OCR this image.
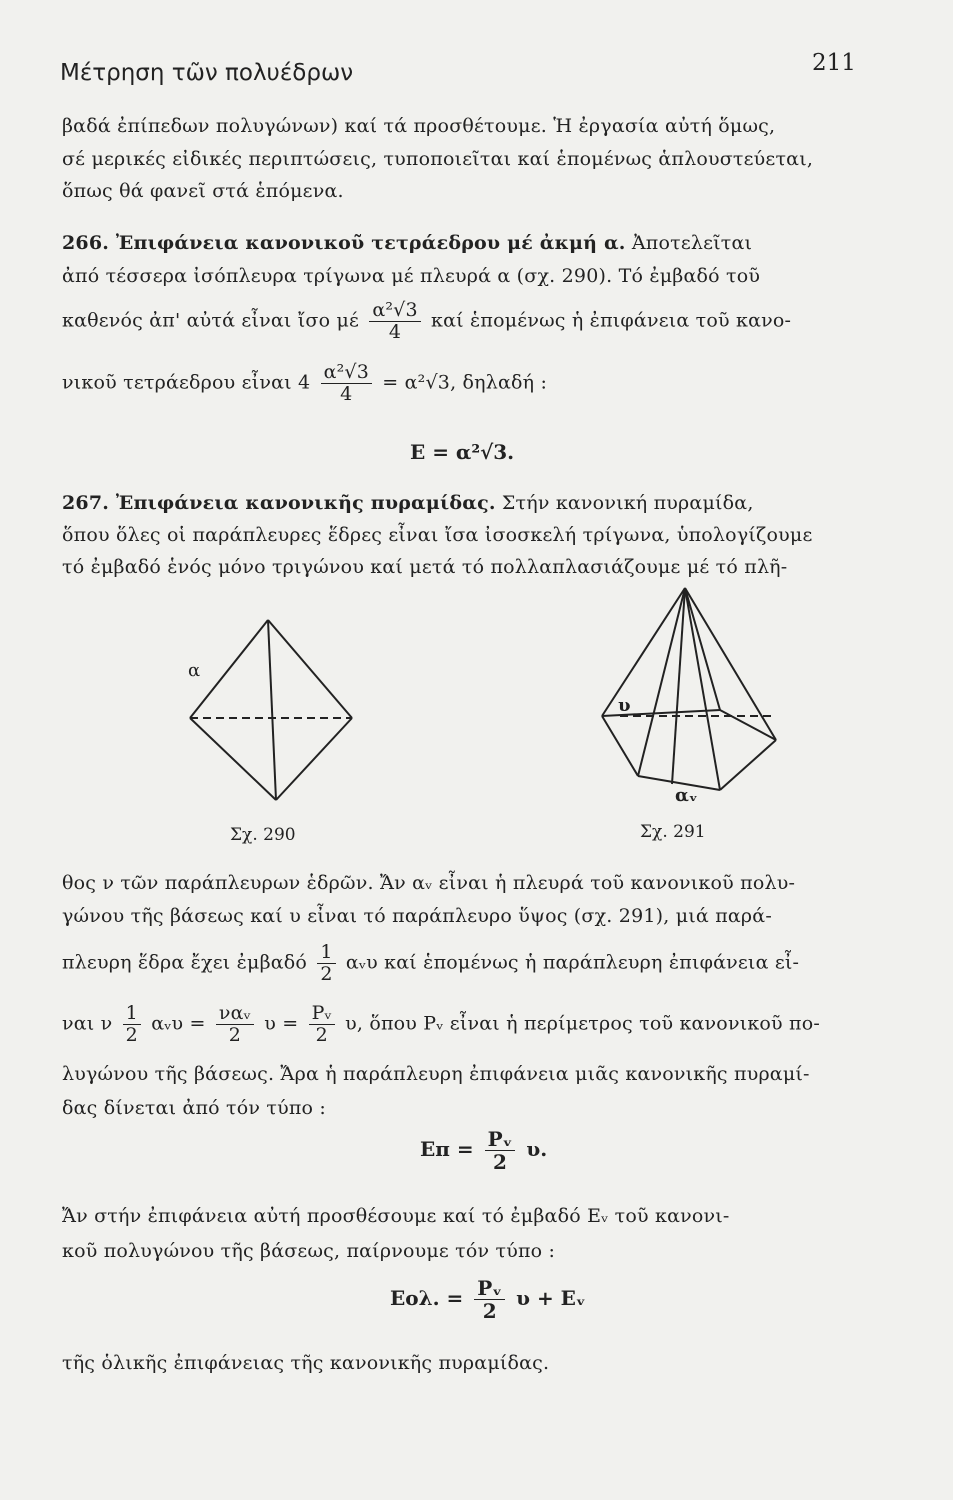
Μέτρηση τῶν πολυέδρων	211
βαδά ἐπίπεδων πολυγώνων) καί τά προσθέτουμε. Ἡ ἐργασία αὐτή ὅμως,
σέ μερικές εἰδικές περιπτώσεις, τυποποιεῖται καί ἑπομένως ἁπλουστεύεται,
ὅπως θά φανεῖ στά ἑπόμενα.
266. Ἐπιφάνεια κανονικοῦ τετράεδρου μέ ἀκμή α. Ἀποτελεῖται
ἀπό τέσσερα ἰσόπλευρα τρίγωνα μέ πλευρά α (σχ. 290). Τό ἐμβαδό τοῦ
καθενός ἀπ' αὐτά εἶναι ἴσο μέ $\frac{\text{α²√3}}{4}$ καί ἑπομένως ἡ ἐπιφάνεια τοῦ κανο-
νικοῦ τετράεδρου εἶναι $4 \frac{\text{α²√3}}{4} = \alpha^2√3$, δηλαδή :
E = α²√3.
267. Ἐπιφάνεια κανονικῆς πυραμίδας. Στήν κανονική πυραμίδα,
ὅπου ὅλες οἱ παράπλευρες ἕδρες εἶναι ἴσα ἰσοσκελή τρίγωνα, ὑπολογίζουμε
τό ἐμβαδό ἑνός μόνο τριγώνου καί μετά τό πολλαπλασιάζουμε μέ τό πλῆ-
α
Σχ. 290
υ
αᵥ
Σχ. 291
θος ν τῶν παράπλευρων ἑδρῶν. Ἄν αᵥ εἶναι ἡ πλευρά τοῦ κανονικοῦ πολυ-
γώνου τῆς βάσεως καί υ εἶναι τό παράπλευρο ὕψος (σχ. 291), μιά παρά-
πλευρη ἕδρα ἔχει ἐμβαδό $\frac{1}{2}$ αᵥυ καί ἑπομένως ἡ παράπλευρη ἐπιφάνεια εἶ-
ναι ν $\frac{1}{2}$ αᵥυ = $\frac{\text{ναᵥ}}{2}$ $\upsilon = \frac{\text{Pᵥ}}{2} \upsilon$, ὅπου Pᵥ εἶναι ἡ περίμετρος τοῦ κανονικοῦ πο-
λυγώνου τῆς βάσεως. Ἄρα ἡ παράπλευρη ἐπιφάνεια μιᾶς κανονικῆς πυραμί-
δας δίνεται ἀπό τόν τύπο :
$E\pi = \frac{\text{Pᵥ}}{2} \upsilon$.
Ἄν στήν ἐπιφάνεια αὐτή προσθέσουμε καί τό ἐμβαδό Eᵥ τοῦ κανονι-
κοῦ πολυγώνου τῆς βάσεως, παίρνουμε τόν τύπο :
Eολ. = $\frac{\text{Pᵥ}}{2}$ υ + Eᵥ
τῆς ὁλικῆς ἐπιφάνειας τῆς κανονικῆς πυραμίδας.
